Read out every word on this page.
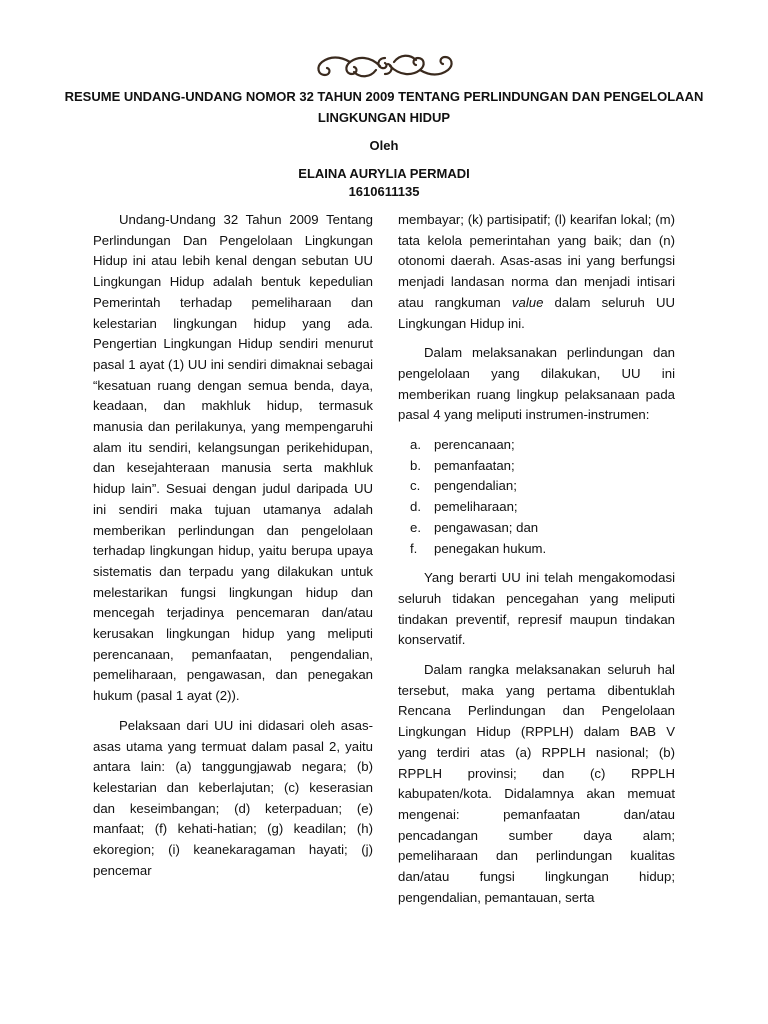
RESUME UNDANG-UNDANG NOMOR 32 TAHUN 2009 TENTANG PERLINDUNGAN DAN PENGELOLAAN LINGKUNGAN HIDUP

Oleh
ELAINA AURYLIA PERMADI
1610611135

Undang-Undang 32 Tahun 2009 Tentang Perlindungan Dan Pengelolaan Lingkungan Hidup ini atau lebih kenal dengan sebutan UU Lingkungan Hidup adalah bentuk kepedulian Pemerintah terhadap pemeliharaan dan kelestarian lingkungan hidup yang ada. Pengertian Lingkungan Hidup sendiri menurut pasal 1 ayat (1) UU ini sendiri dimaknai sebagai “kesatuan ruang dengan semua benda, daya, keadaan, dan makhluk hidup, termasuk manusia dan perilakunya, yang mempengaruhi alam itu sendiri, kelangsungan perikehidupan, dan kesejahteraan manusia serta makhluk hidup lain”. Sesuai dengan judul daripada UU ini sendiri maka tujuan utamanya adalah memberikan perlindungan dan pengelolaan terhadap lingkungan hidup, yaitu berupa upaya sistematis dan terpadu yang dilakukan untuk melestarikan fungsi lingkungan hidup dan mencegah terjadinya pencemaran dan/atau kerusakan lingkungan hidup yang meliputi perencanaan, pemanfaatan, pengendalian, pemeliharaan, pengawasan, dan penegakan hukum (pasal 1 ayat (2)).

Pelaksaan dari UU ini didasari oleh asas-asas utama yang termuat dalam pasal 2, yaitu antara lain: (a) tanggungjawab negara; (b) kelestarian dan keberlajutan; (c) keserasian dan keseimbangan; (d) keterpaduan; (e) manfaat; (f) kehati-hatian; (g) keadilan; (h) ekoregion; (i) keanekaragaman hayati; (j) pencemar

membayar; (k) partisipatif; (l) kearifan lokal; (m) tata kelola pemerintahan yang baik; dan (n) otonomi daerah. Asas-asas ini yang berfungsi menjadi landasan norma dan menjadi intisari atau rangkuman value dalam seluruh UU Lingkungan Hidup ini.

Dalam melaksanakan perlindungan dan pengelolaan yang dilakukan, UU ini memberikan ruang lingkup pelaksanaan pada pasal 4 yang meliputi instrumen-instrumen:

a. perencanaan;
b. pemanfaatan;
c.	pengendalian;
d. pemeliharaan;
e. pengawasan; dan
f.	penegakan hukum.

Yang berarti UU ini telah mengakomodasi seluruh tidakan pencegahan yang meliputi tindakan preventif, represif maupun tindakan konservatif.

Dalam rangka melaksanakan seluruh hal tersebut, maka yang pertama dibentuklah Rencana Perlindungan dan Pengelolaan Lingkungan Hidup (RPPLH) dalam BAB V yang terdiri atas (a) RPPLH nasional; (b) RPPLH provinsi; dan (c) RPPLH kabupaten/kota. Didalamnya akan memuat mengenai: pemanfaatan dan/atau pencadangan sumber daya alam; pemeliharaan dan perlindungan kualitas dan/atau fungsi lingkungan hidup; pengendalian, pemantauan, serta
